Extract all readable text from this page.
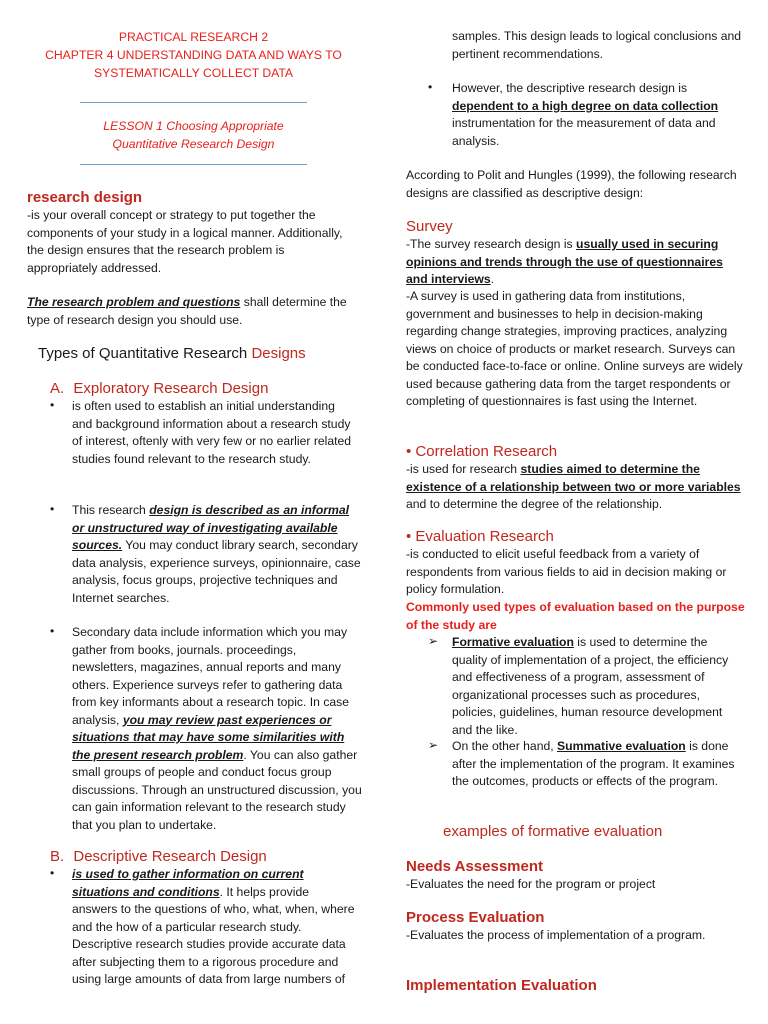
PRACTICAL RESEARCH 2
CHAPTER 4 UNDERSTANDING DATA AND WAYS TO
SYSTEMATICALLY COLLECT DATA
LESSON 1 Choosing Appropriate
Quantitative Research Design
research design

-is your overall concept or strategy to put together the components of your study in a logical manner. Additionally, the design ensures that the research problem is appropriately addressed.

The research problem and questions shall determine the type of research design you should use.

Types of Quantitative Research Designs
A. Exploratory Research Design
• is often used to establish an initial understanding and background information about a research study of interest, oftenly with very few or no earlier related studies found relevant to the research study.

• This research design is described as an informal or unstructured way of investigating available sources. You may conduct library search, secondary data analysis, experience surveys, opinionnaire, case analysis, focus groups, projective techniques and Internet searches.

• Secondary data include information which you may gather from books, journals. proceedings, newsletters, magazines, annual reports and many others. Experience surveys refer to gathering data from key informants about a research topic. In case analysis, you may review past experiences or situations that may have some similarities with the present research problem. You can also gather small groups of people and conduct focus group discussions. Through an unstructured discussion, you can gain information relevant to the research study that you plan to undertake.

B. Descriptive Research Design
• is used to gather information on current situations and conditions. It helps provide answers to the questions of who, what, when, where and the how of a particular research study. Descriptive research studies provide accurate data after subjecting them to a rigorous procedure and using large amounts of data from large numbers of

samples. This design leads to logical conclusions and pertinent recommendations.

• However, the descriptive research design is dependent to a high degree on data collection instrumentation for the measurement of data and analysis.

According to Polit and Hungles (1999), the following research designs are classified as descriptive design:

Survey

-The survey research design is usually used in securing opinions and trends through the use of questionnaires and interviews.

-A survey is used in gathering data from institutions, government and businesses to help in decision-making regarding change strategies, improving practices, analyzing views on choice of products or market research. Surveys can be conducted face-to-face or online. Online surveys are widely used because gathering data from the target respondents or completing of questionnaires is fast using the Internet.

• Correlation Research

-is used for research studies aimed to determine the existence of a relationship between two or more variables and to determine the degree of the relationship.

• Evaluation Research

-is conducted to elicit useful feedback from a variety of respondents from various fields to aid in decision making or policy formulation.

Commonly used types of evaluation based on the purpose of the study are

➢ Formative evaluation is used to determine the quality of implementation of a project, the efficiency and effectiveness of a program, assessment of organizational processes such as procedures, policies, guidelines, human resource development and the like.

➢ On the other hand, Summative evaluation is done after the implementation of the program. It examines the outcomes, products or effects of the program.

examples of formative evaluation
Needs Assessment

-Evaluates the need for the program or project

Process Evaluation

-Evaluates the process of implementation of a program.

Implementation Evaluation
